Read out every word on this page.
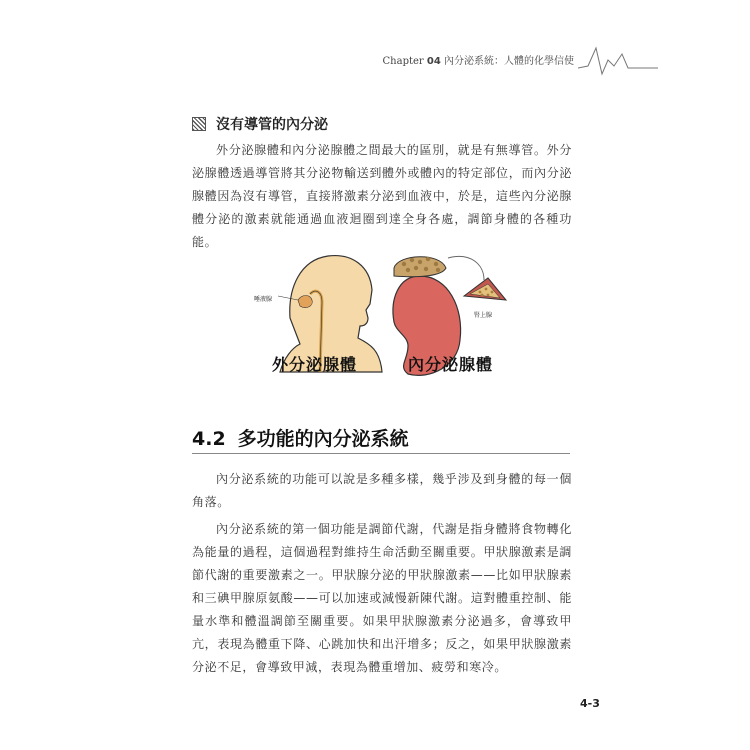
Chapter 04 內分泌系統：人體的化學信使
沒有導管的內分泌

外分泌腺體和內分泌腺體之間最大的區別，就是有無導管。外分泌腺體透過導管將其分泌物輸送到體外或體內的特定部位，而內分泌腺體因為沒有導管，直接將激素分泌到血液中，於是，這些內分泌腺體分泌的激素就能通過血液迴圈到達全身各處，調節身體的各種功能。

唾液腺
腎上腺
外分泌腺體	內分泌腺體
4.2 多功能的內分泌系統

內分泌系統的功能可以說是多種多樣，幾乎涉及到身體的每一個角落。

內分泌系統的第一個功能是調節代謝，代謝是指身體將食物轉化為能量的過程，這個過程對維持生命活動至關重要。甲狀腺激素是調節代謝的重要激素之一。甲狀腺分泌的甲狀腺激素——比如甲狀腺素和三碘甲腺原氨酸——可以加速或減慢新陳代謝。這對體重控制、能量水準和體溫調節至關重要。如果甲狀腺激素分泌過多，會導致甲亢，表現為體重下降、心跳加快和出汗增多；反之，如果甲狀腺激素分泌不足，會導致甲減，表現為體重增加、疲勞和寒冷。

4-3
